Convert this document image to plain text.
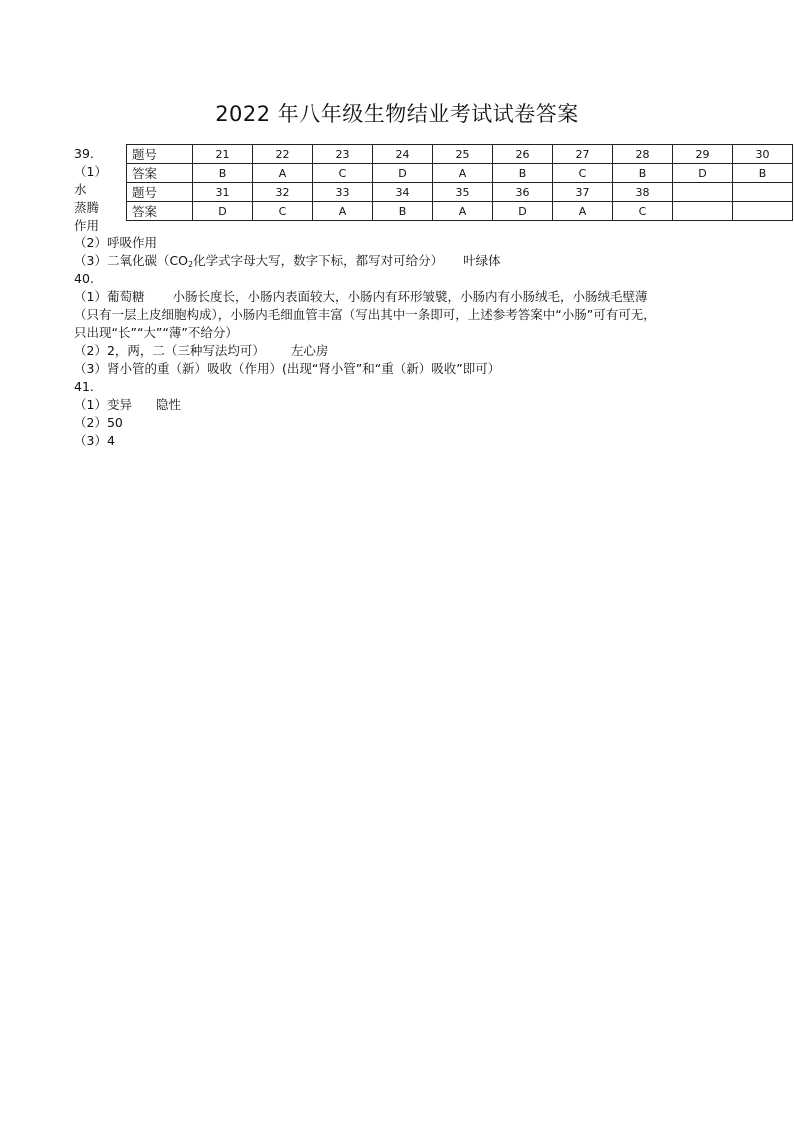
2022 年八年级生物结业考试试卷答案
39.
（1）
水
蒸腾
作用
题号	21	22	23	24	25	26	27	28	29	30
答案	B	A	C	D	A	B	C	B	D	B
题号	31	32	33	34	35	36	37	38		
答案	D	C	A	B	A	D	A	C		
（2）呼吸作用
（3）二氧化碳（$CO_2$化学式字母大写，数字下标，都写对可给分） 叶绿体
40.
（1）葡萄糖 小肠长度长，小肠内表面较大，小肠内有环形皱襞，小肠内有小肠绒毛，小肠绒毛壁薄
（只有一层上皮细胞构成），小肠内毛细血管丰富（写出其中一条即可，上述参考答案中“小肠”可有可无，
只出现“长”“大”“薄”不给分）
（2）2，两，二（三种写法均可） 左心房
（3）肾小管的重（新）吸收（作用）(出现“肾小管”和“重（新）吸收”即可）
41.
（1）变异 隐性
（2）50
（3）4
